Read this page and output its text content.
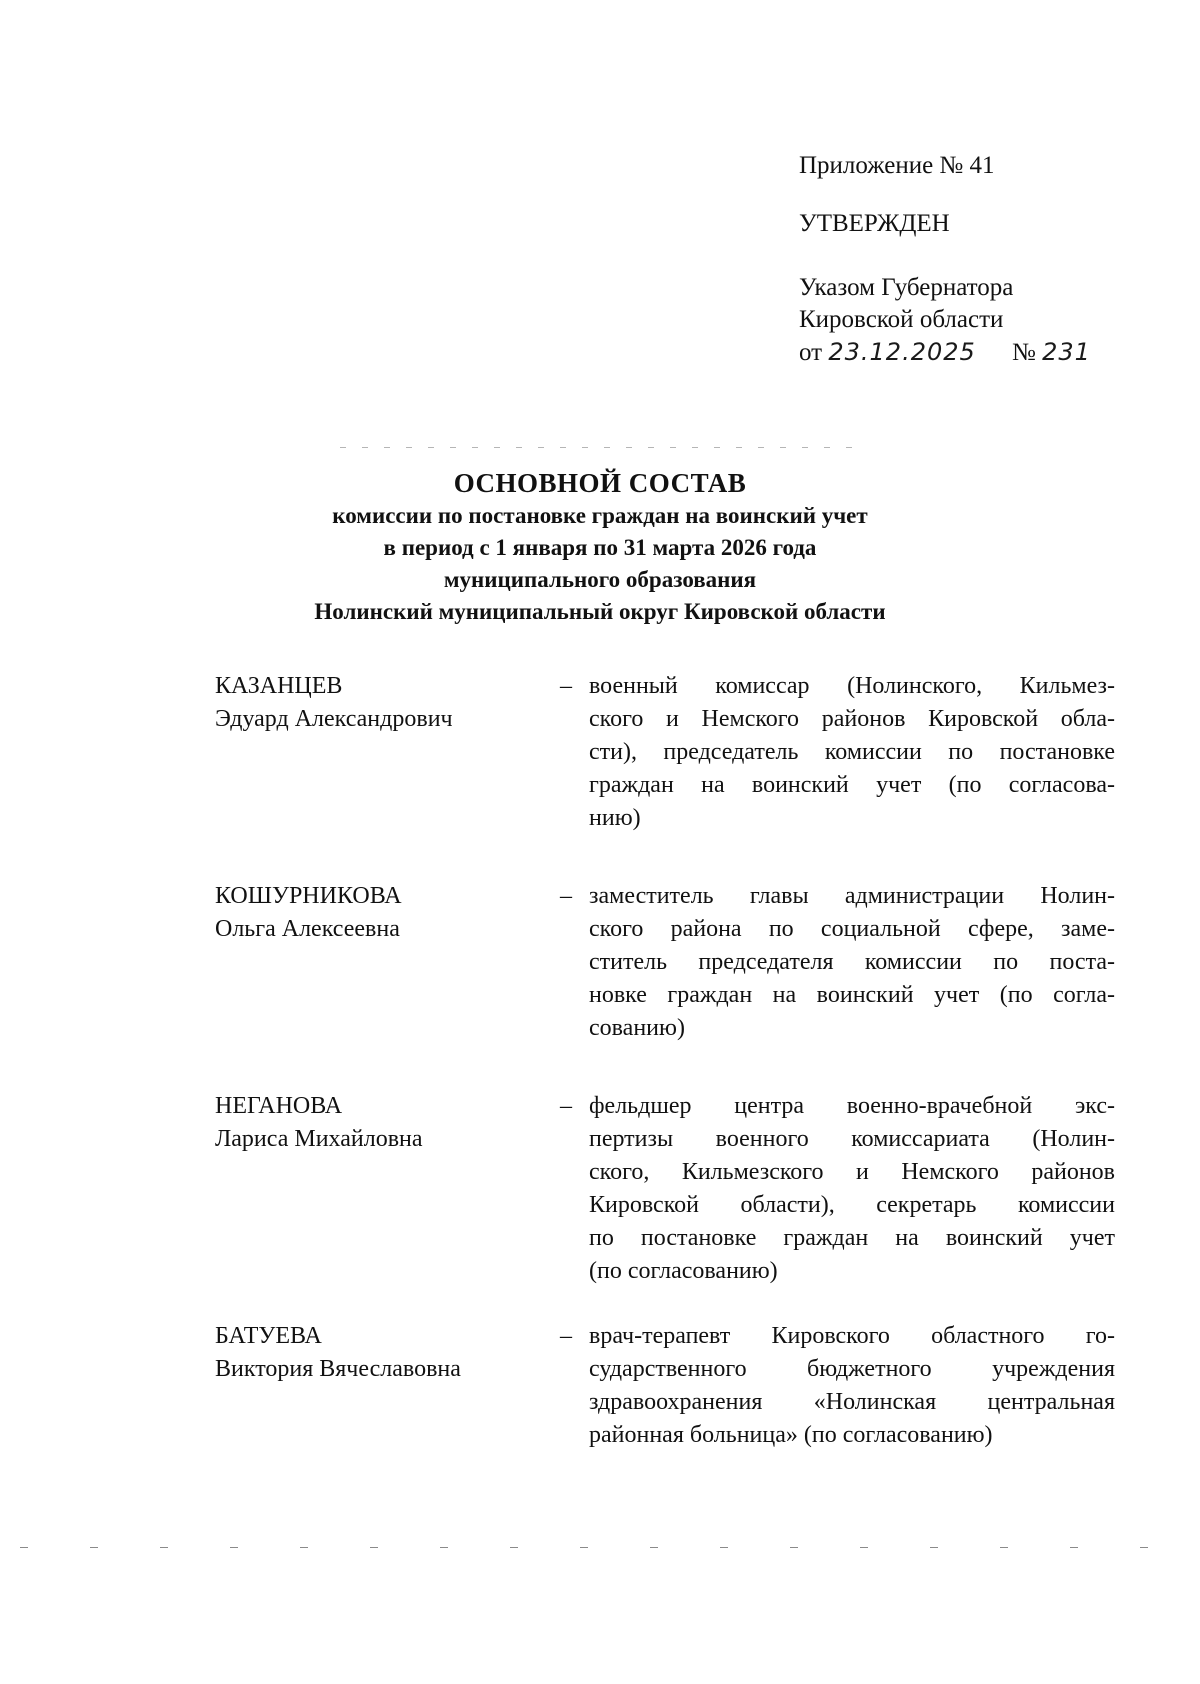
Приложение № 41
УТВЕРЖДЕН
Указом Губернатора
Кировской области
от 23.12.2025 № 231
ОСНОВНОЙ СОСТАВ
комиссии по постановке граждан на воинский учет
в период с 1 января по 31 марта 2026 года
муниципального образования
Нолинский муниципальный округ Кировской области
КАЗАНЦЕВ
Эдуард Александрович
– военный комиссар (Нолинского, Кильмез-
ского и Немского районов Кировской обла-
сти), председатель комиссии по постановке
граждан на воинский учет (по согласова-
нию)
КОШУРНИКОВА
Ольга Алексеевна
– заместитель главы администрации Нолин-
ского района по социальной сфере, заме-
ститель председателя комиссии по поста-
новке граждан на воинский учет (по согла-
сованию)
НЕГАНОВА
Лариса Михайловна
– фельдшер центра военно-врачебной экс-
пертизы военного комиссариата (Нолин-
ского, Кильмезского и Немского районов
Кировской области), секретарь комиссии
по постановке граждан на воинский учет
(по согласованию)
БАТУЕВА
Виктория Вячеславовна
– врач-терапевт Кировского областного го-
сударственного бюджетного учреждения
здравоохранения «Нолинская центральная
районная больница» (по согласованию)
